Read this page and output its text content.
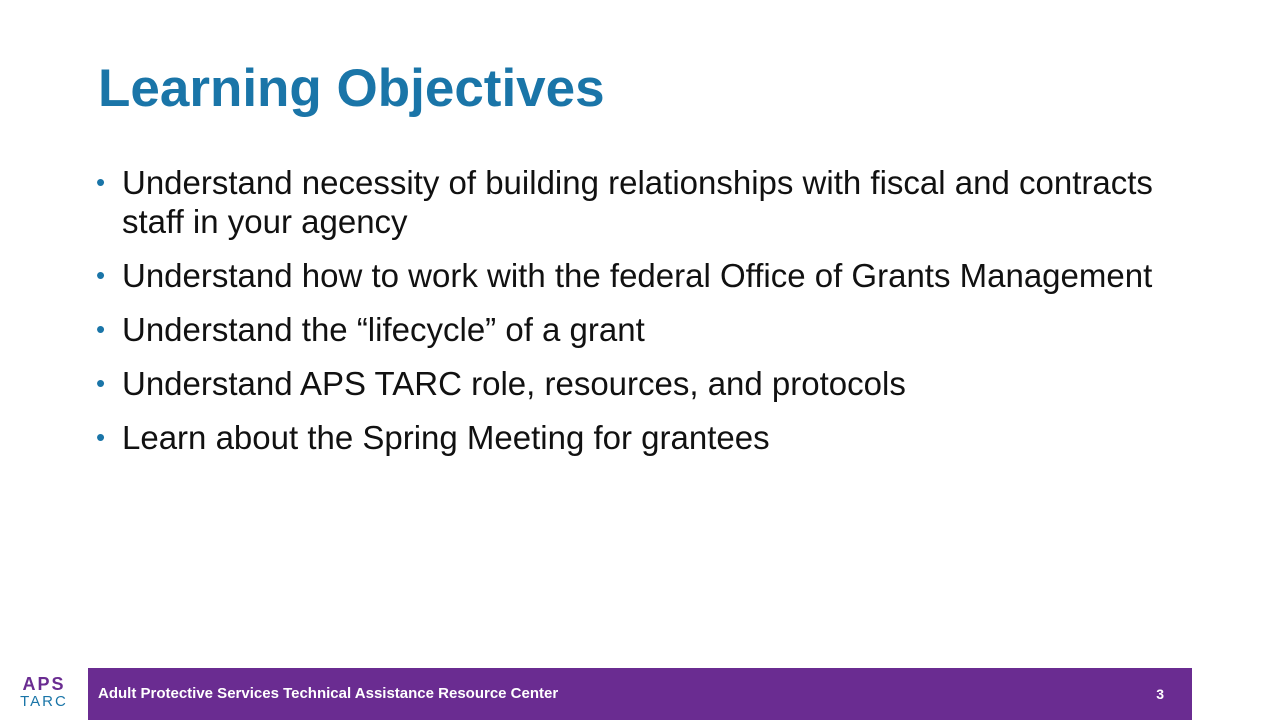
Learning Objectives
• Understand necessity of building relationships with fiscal and contracts staff in your agency
• Understand how to work with the federal Office of Grants Management
• Understand the “lifecycle” of a grant
• Understand APS TARC role, resources, and protocols
• Learn about the Spring Meeting for grantees
APS
TARC	Adult Protective Services Technical Assistance Resource Center	3
